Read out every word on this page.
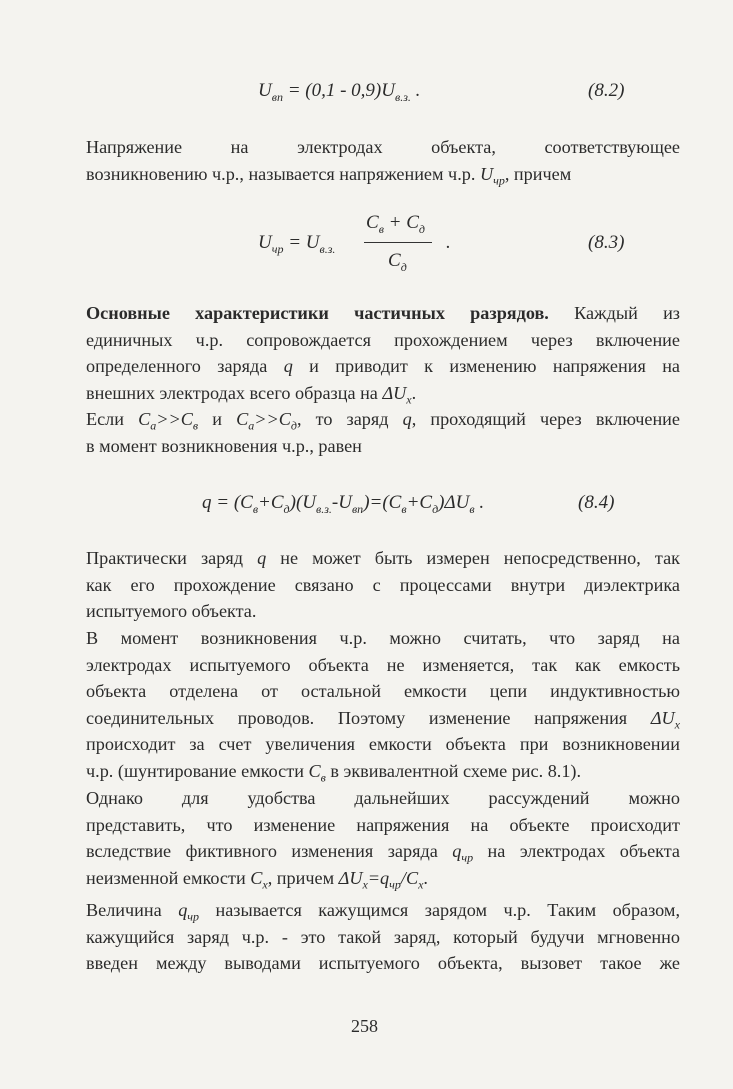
$U_{вп} = (0,1 - 0,9)U_{в.з.}$ .	(8.2)
Напряжение на электродах объекта, соответствующее
возникновению ч.р., называется напряжением ч.р. $U_{чр}$, причем
$U_{чр} = U_{в.з.}$
$C_в + C_д$
$C_д$
.	(8.3)
Основные характеристики частичных разрядов. Каждый из
единичных ч.р. сопровождается прохождением через включение
определенного заряда q и приводит к изменению напряжения на
внешних электродах всего образца на $\Delta U_x$.
Если $C_а>>C_в$ и $C_а>>C_д$, то заряд q, проходящий через включение
в момент возникновения ч.р., равен
$q = (C_в+C_д)(U_{в.з.}-U_{вп})=(C_в+C_д)\Delta U_в$ .	(8.4)
Практически заряд q не может быть измерен непосредственно, так
как его прохождение связано с процессами внутри диэлектрика
испытуемого объекта.
В момент возникновения ч.р. можно считать, что заряд на
электродах испытуемого объекта не изменяется, так как емкость
объекта отделена от остальной емкости цепи индуктивностью
соединительных проводов. Поэтому изменение напряжения $\Delta U_x$
происходит за счет увеличения емкости объекта при возникновении
ч.р. (шунтирование емкости $C_в$ в эквивалентной схеме рис. 8.1).
Однако для удобства дальнейших рассуждений можно
представить, что изменение напряжения на объекте происходит
вследствие фиктивного изменения заряда $q_{чр}$ на электродах объекта
неизменной емкости $C_x$, причем $\Delta U_x=q_{чр}/C_x$.
Величина $q_{чр}$ называется кажущимся зарядом ч.р. Таким образом,
кажущийся заряд ч.р. - это такой заряд, который будучи мгновенно
введен между выводами испытуемого объекта, вызовет такое же
258
